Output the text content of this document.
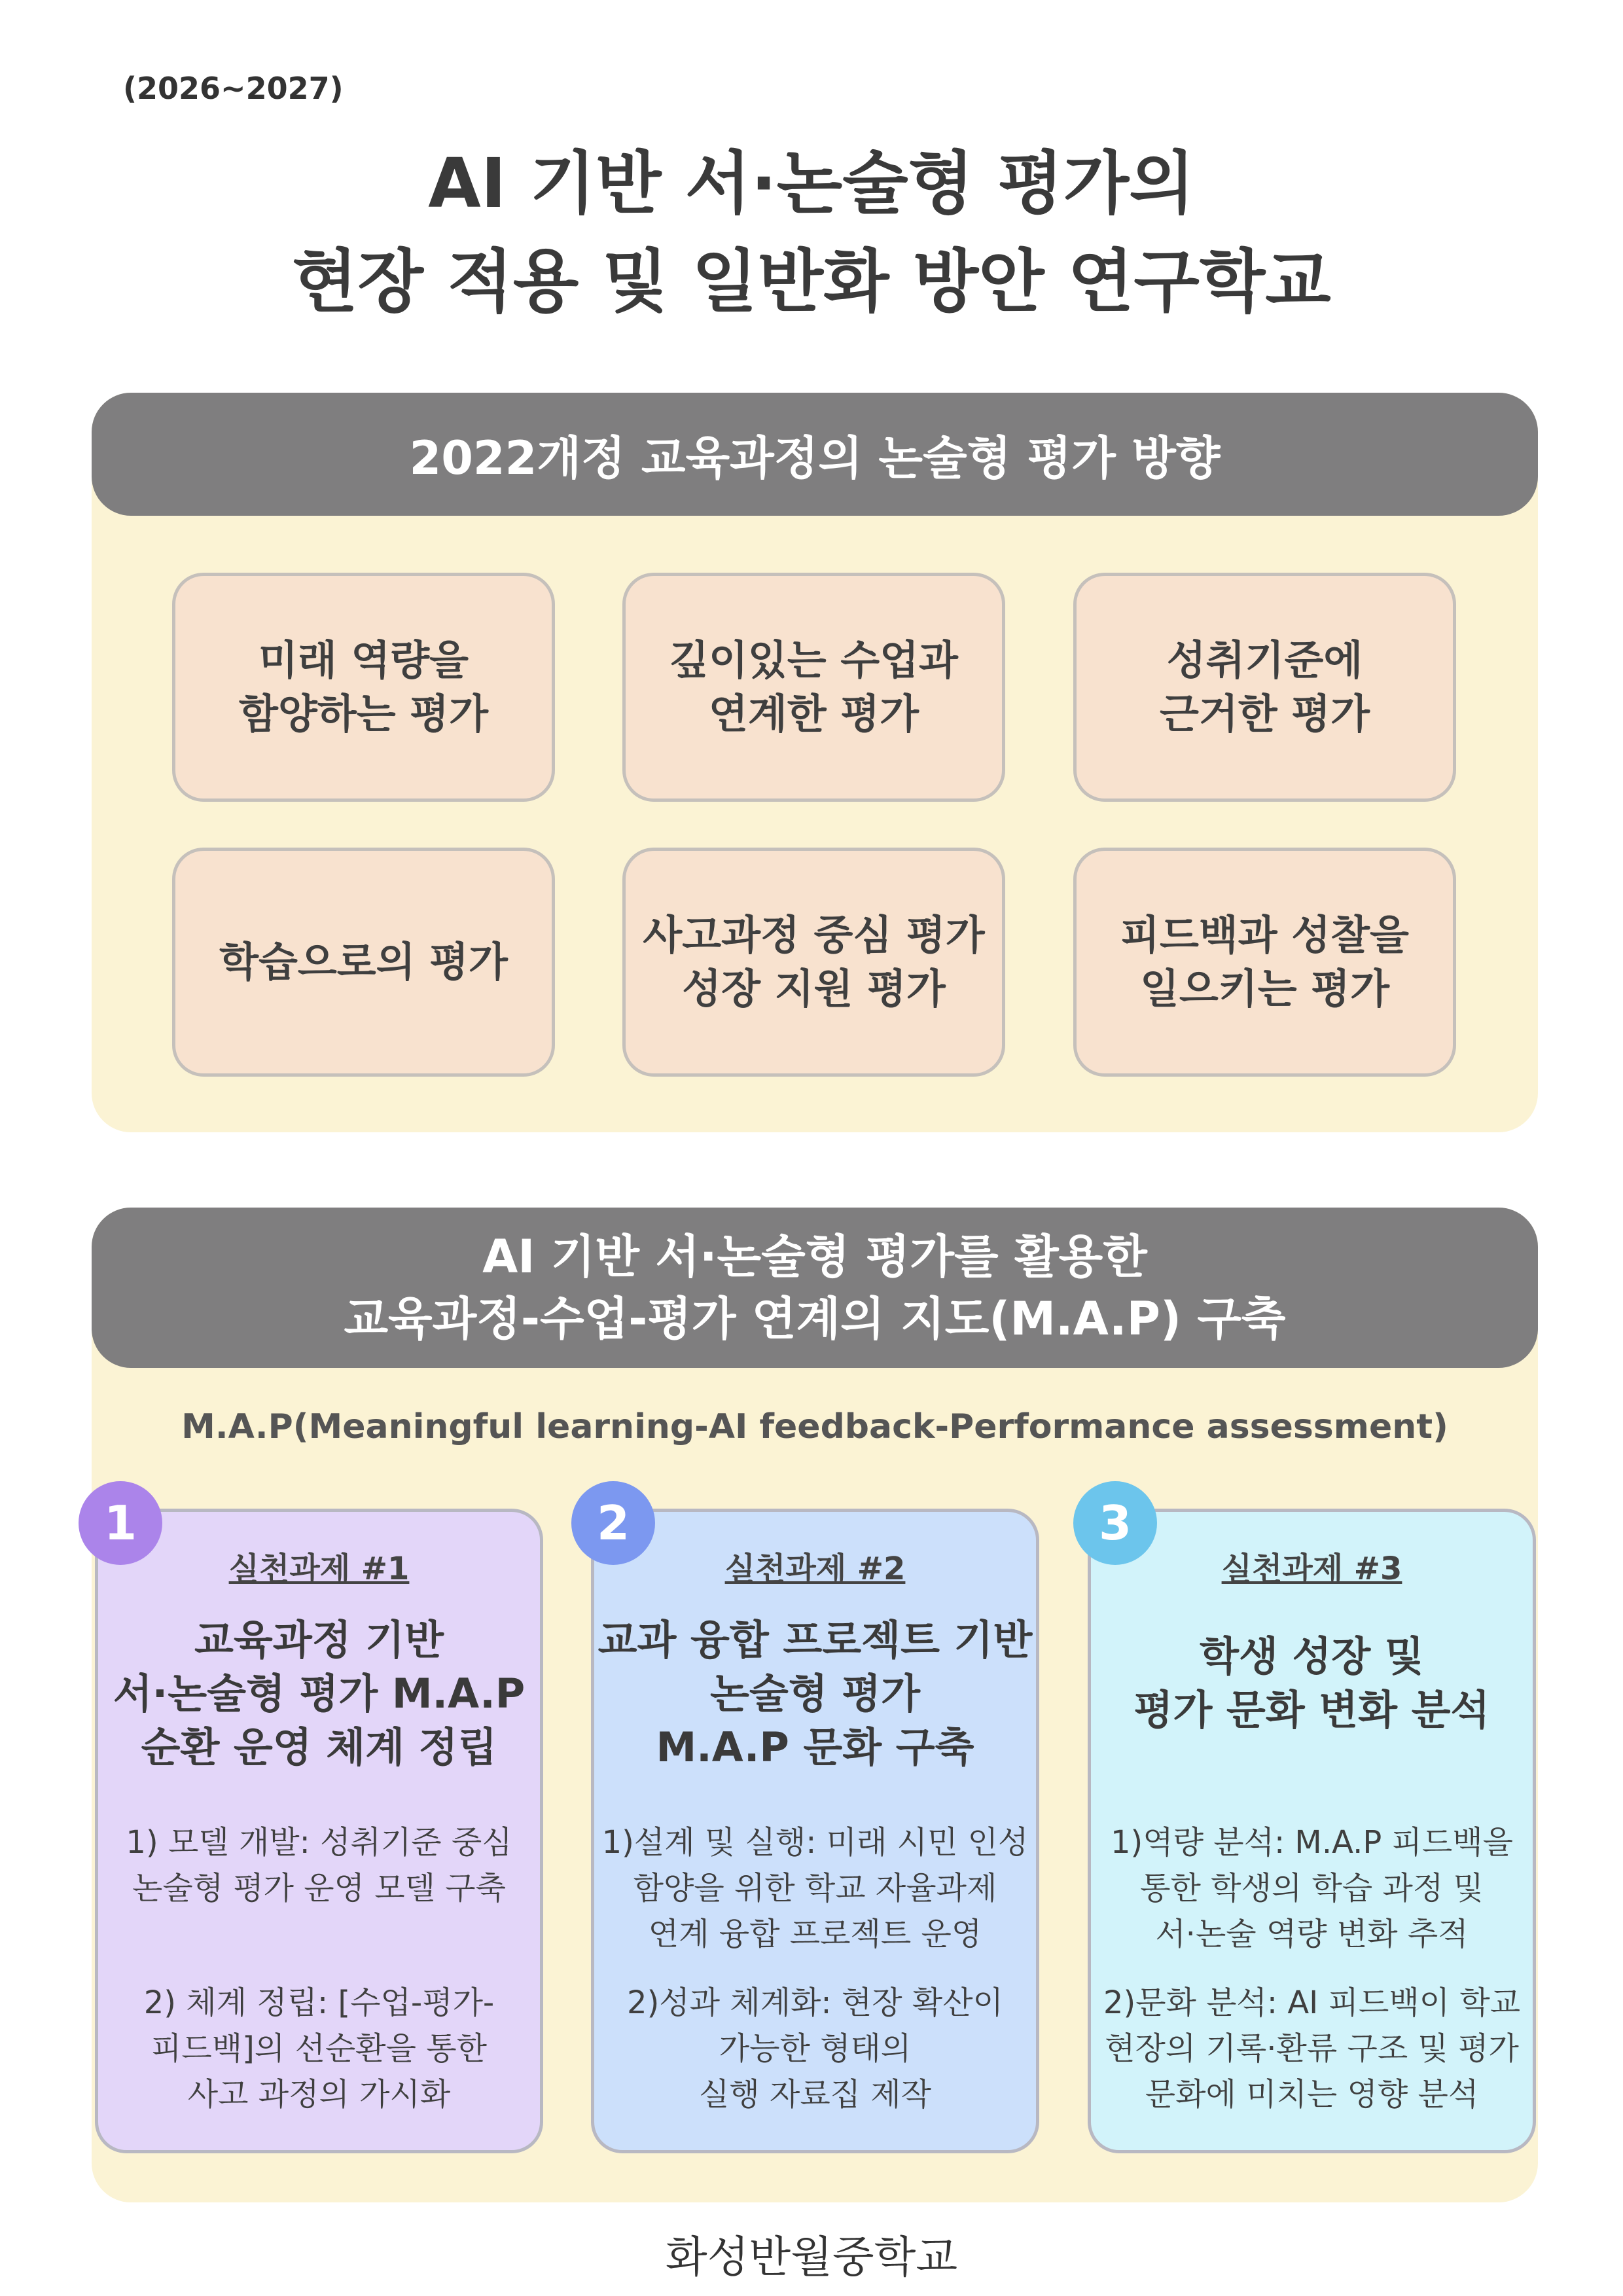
(2026~2027)
AI 기반 서·논술형 평가의
현장 적용 및 일반화 방안 연구학교
2022개정 교육과정의 논술형 평가 방향
미래 역량을
함양하는 평가
깊이있는 수업과
연계한 평가
성취기준에
근거한 평가
학습으로의 평가
사고과정 중심 평가
성장 지원 평가
피드백과 성찰을
일으키는 평가
AI 기반 서·논술형 평가를 활용한
교육과정-수업-평가 연계의 지도(M.A.P) 구축
M.A.P(Meaningful learning-AI feedback-Performance assessment)
실천과제 #1
교육과정 기반
서·논술형 평가 M.A.P
순환 운영 체계 정립
1) 모델 개발: 성취기준 중심
논술형 평가 운영 모델 구축
2) 체계 정립: [수업-평가-
피드백]의 선순환을 통한
사고 과정의 가시화
1
실천과제 #2
교과 융합 프로젝트 기반
논술형 평가
M.A.P 문화 구축
1)설계 및 실행: 미래 시민 인성
함양을 위한 학교 자율과제
연계 융합 프로젝트 운영
2)성과 체계화: 현장 확산이
가능한 형태의
실행 자료집 제작
2
실천과제 #3
학생 성장 및
평가 문화 변화 분석
1)역량 분석: M.A.P 피드백을
통한 학생의 학습 과정 및
서·논술 역량 변화 추적
2)문화 분석: AI 피드백이 학교
현장의 기록·환류 구조 및 평가
문화에 미치는 영향 분석
3
화성반월중학교
